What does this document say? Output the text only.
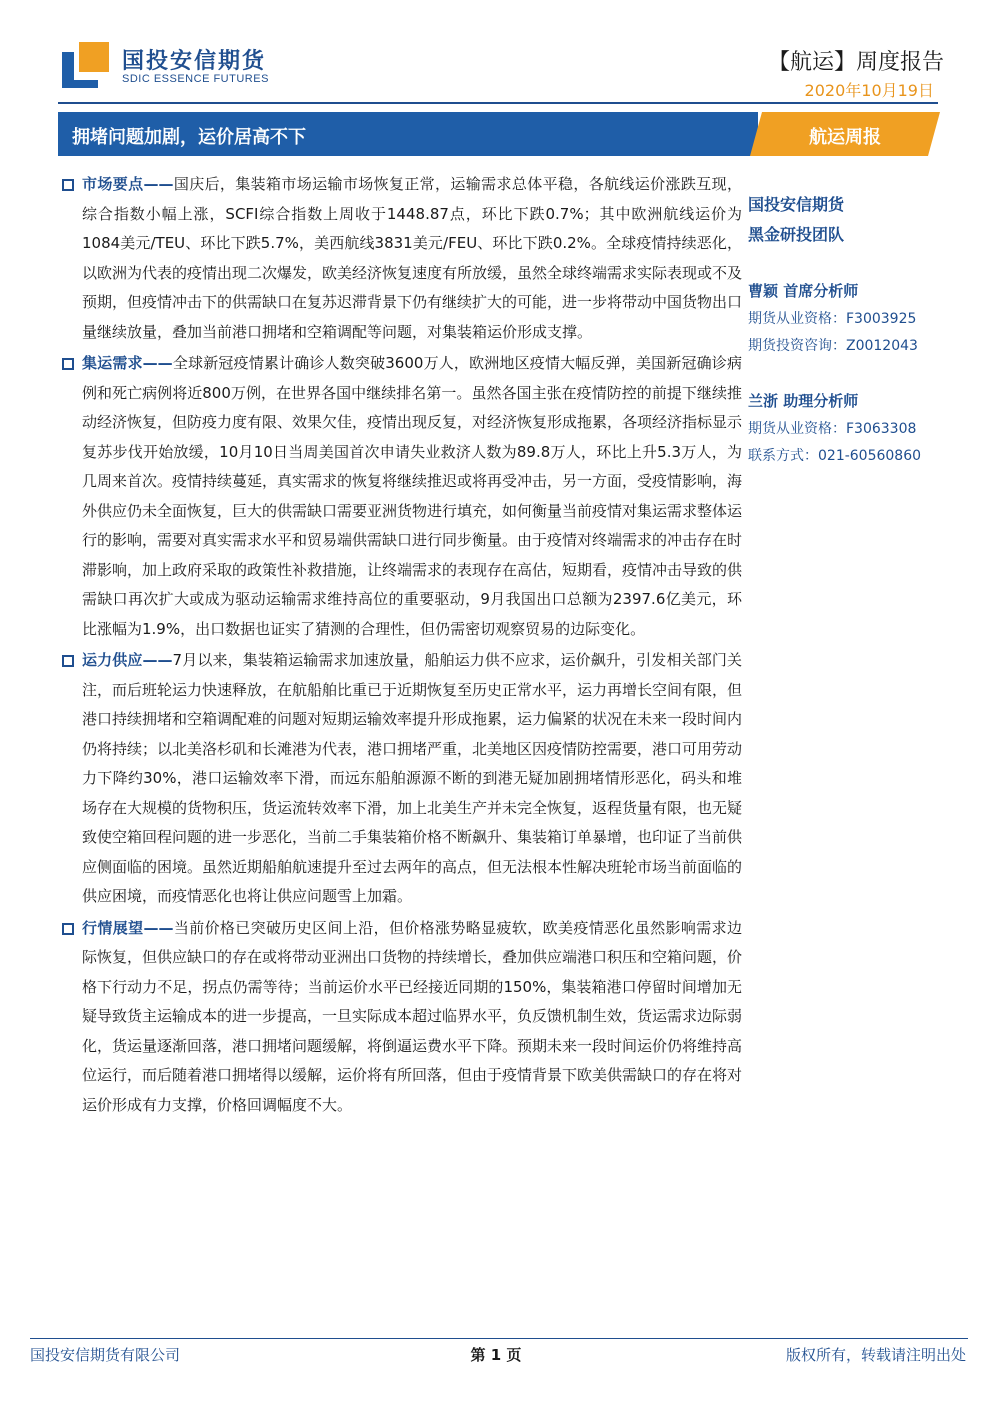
国投安信期货
SDIC ESSENCE FUTURES
【航运】周度报告
2020年10月19日
拥堵问题加剧，运价居高不下	航运周报
市场要点——国庆后，集装箱市场运输市场恢复正常，运输需求总体平稳，各航线运价涨跌互现，综合指数小幅上涨，SCFI综合指数上周收于1448.87点，环比下跌0.7%；其中欧洲航线运价为1084美元/TEU、环比下跌5.7%，美西航线3831美元/FEU、环比下跌0.2%。全球疫情持续恶化，以欧洲为代表的疫情出现二次爆发，欧美经济恢复速度有所放缓，虽然全球终端需求实际表现或不及预期，但疫情冲击下的供需缺口在复苏迟滞背景下仍有继续扩大的可能，进一步将带动中国货物出口量继续放量，叠加当前港口拥堵和空箱调配等问题，对集装箱运价形成支撑。
集运需求——全球新冠疫情累计确诊人数突破3600万人，欧洲地区疫情大幅反弹，美国新冠确诊病例和死亡病例将近800万例，在世界各国中继续排名第一。虽然各国主张在疫情防控的前提下继续推动经济恢复，但防疫力度有限、效果欠佳，疫情出现反复，对经济恢复形成拖累，各项经济指标显示复苏步伐开始放缓，10月10日当周美国首次申请失业救济人数为89.8万人，环比上升5.3万人，为几周来首次。疫情持续蔓延，真实需求的恢复将继续推迟或将再受冲击，另一方面，受疫情影响，海外供应仍未全面恢复，巨大的供需缺口需要亚洲货物进行填充，如何衡量当前疫情对集运需求整体运行的影响，需要对真实需求水平和贸易端供需缺口进行同步衡量。由于疫情对终端需求的冲击存在时滞影响，加上政府采取的政策性补救措施，让终端需求的表现存在高估，短期看，疫情冲击导致的供需缺口再次扩大或成为驱动运输需求维持高位的重要驱动，9月我国出口总额为2397.6亿美元，环比涨幅为1.9%，出口数据也证实了猜测的合理性，但仍需密切观察贸易的边际变化。
运力供应——7月以来，集装箱运输需求加速放量，船舶运力供不应求，运价飙升，引发相关部门关注，而后班轮运力快速释放，在航船舶比重已于近期恢复至历史正常水平，运力再增长空间有限，但港口持续拥堵和空箱调配难的问题对短期运输效率提升形成拖累，运力偏紧的状况在未来一段时间内仍将持续；以北美洛杉矶和长滩港为代表，港口拥堵严重，北美地区因疫情防控需要，港口可用劳动力下降约30%，港口运输效率下滑，而远东船舶源源不断的到港无疑加剧拥堵情形恶化，码头和堆场存在大规模的货物积压，货运流转效率下滑，加上北美生产并未完全恢复，返程货量有限，也无疑致使空箱回程问题的进一步恶化，当前二手集装箱价格不断飙升、集装箱订单暴增，也印证了当前供应侧面临的困境。虽然近期船舶航速提升至过去两年的高点，但无法根本性解决班轮市场当前面临的供应困境，而疫情恶化也将让供应问题雪上加霜。
行情展望——当前价格已突破历史区间上沿，但价格涨势略显疲软，欧美疫情恶化虽然影响需求边际恢复，但供应缺口的存在或将带动亚洲出口货物的持续增长，叠加供应端港口积压和空箱问题，价格下行动力不足，拐点仍需等待；当前运价水平已经接近同期的150%，集装箱港口停留时间增加无疑导致货主运输成本的进一步提高，一旦实际成本超过临界水平，负反馈机制生效，货运需求边际弱化，货运量逐渐回落，港口拥堵问题缓解，将倒逼运费水平下降。预期未来一段时间运价仍将维持高位运行，而后随着港口拥堵得以缓解，运价将有所回落，但由于疫情背景下欧美供需缺口的存在将对运价形成有力支撑，价格回调幅度不大。
国投安信期货
黑金研投团队
曹颖 首席分析师
期货从业资格：F3003925
期货投资咨询：Z0012043
兰浙 助理分析师
期货从业资格：F3063308
联系方式：021-60560860
国投安信期货有限公司	第 1 页	版权所有，转载请注明出处
